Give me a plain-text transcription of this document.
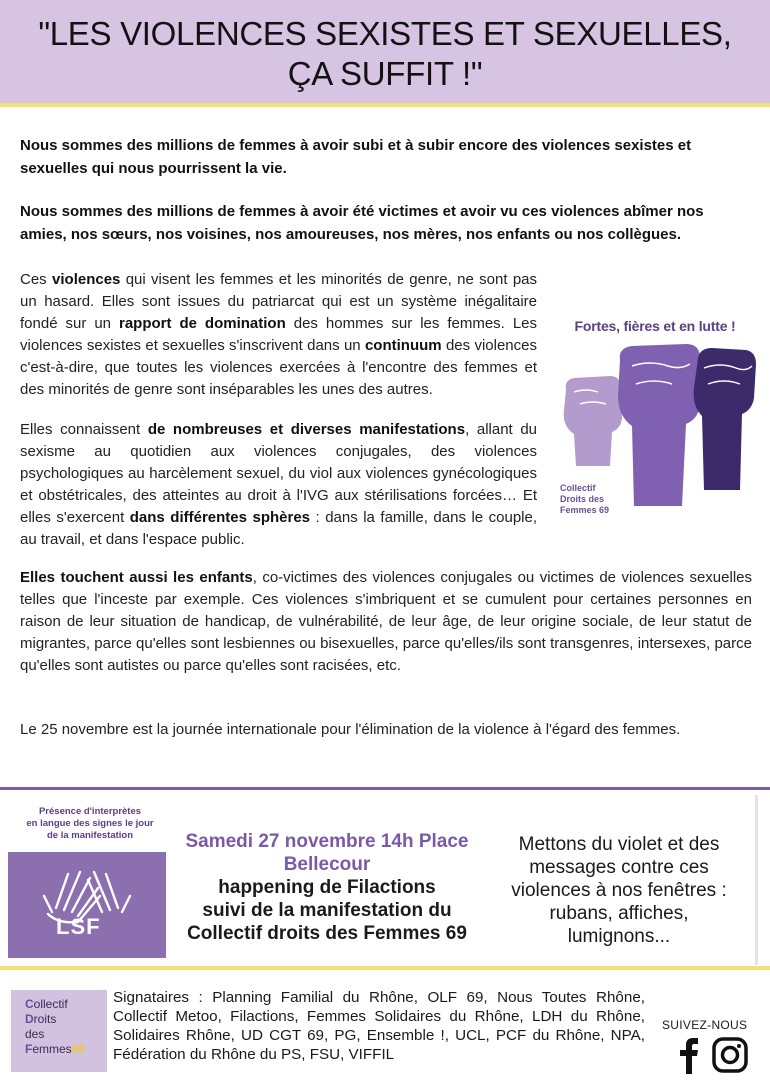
"LES VIOLENCES SEXISTES ET SEXUELLES,
ÇA SUFFIT !"

Nous sommes des millions de femmes à avoir subi et à subir encore des violences sexistes et sexuelles qui nous pourrissent la vie.

Nous sommes des millions de femmes à avoir été victimes et avoir vu ces violences abîmer nos amies, nos sœurs, nos voisines, nos amoureuses, nos mères, nos enfants ou nos collègues.

Ces violences qui visent les femmes et les minorités de genre, ne sont pas un hasard. Elles sont issues du patriarcat qui est un système inégalitaire fondé sur un rapport de domination des hommes sur les femmes. Les violences sexistes et sexuelles s'inscrivent dans un continuum des violences c'est-à-dire, que toutes les violences exercées à l'encontre des femmes et des minorités de genre sont inséparables les unes des autres.

Elles connaissent de nombreuses et diverses manifestations, allant du sexisme au quotidien aux violences conjugales, des violences psychologiques au harcèlement sexuel, du viol aux violences gynécologiques et obstétricales, des atteintes au droit à l'IVG aux stérilisations forcées… Et elles s'exercent dans différentes sphères : dans la famille, dans le couple, au travail, et dans l'espace public.

Fortes, fières et en lutte !
Collectif
Droits des
Femmes 69

Elles touchent aussi les enfants, co-victimes des violences conjugales ou victimes de violences sexuelles telles que l'inceste par exemple. Ces violences s'imbriquent et se cumulent pour certaines personnes en raison de leur situation de handicap, de vulnérabilité, de leur âge, de leur origine sociale, de leur statut de migrantes, parce qu'elles sont lesbiennes ou bisexuelles, parce qu'elles/ils sont transgenres, intersexes, parce qu'elles sont autistes ou parce qu'elles sont racisées, etc.

Le 25 novembre est la journée internationale pour l'élimination de la violence à l'égard des femmes.

Présence d'interprètes
en langue des signes le jour
de la manifestation
LSF
Samedi 27 novembre 14h Place
Bellecour
happening de Filactions
suivi de la manifestation du
Collectif droits des Femmes 69
Mettons du violet et des
messages contre ces
violences à nos fenêtres :
rubans, affiches,
lumignons...
Collectif
Droits
des
Femmes69

Signataires : Planning Familial du Rhône, OLF 69, Nous Toutes Rhône, Collectif Metoo, Filactions, Femmes Solidaires du Rhône, LDH du Rhône, Solidaires Rhône, UD CGT 69, PG, Ensemble !, UCL, PCF du Rhône, NPA, Fédération du Rhône du PS, FSU, VIFFIL

SUIVEZ-NOUS
